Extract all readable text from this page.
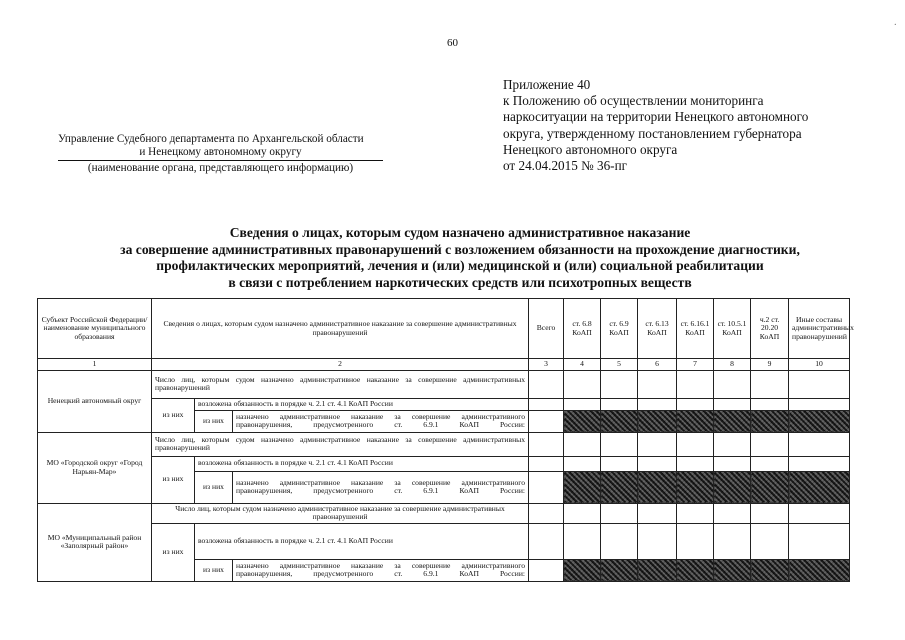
·
60
Приложение 40
к Положению об осуществлении мониторинга
наркоситуации на территории Ненецкого автономного
округа, утвержденному постановлением губернатора
Ненецкого автономного округа
от 24.04.2015 № 36-пг
Управление Судебного департамента по Архангельской области
и Ненецкому автономному округу
(наименование органа, представляющего информацию)
Сведения о лицах, которым судом назначено административное наказание
за совершение административных правонарушений с возложением обязанности на прохождение диагностики,
профилактических мероприятий, лечения и (или) медицинской и (или) социальной реабилитации
в связи с потреблением наркотических средств или психотропных веществ
Субъект Российской Федерации/наименование муниципального образования	Сведения о лицах, которым судом назначено административное наказание за совершение административных правонарушений			Всего	ст. 6.8 КоАП	ст. 6.9 КоАП	ст. 6.13 КоАП	ст. 6.16.1 КоАП	ст. 10.5.1 КоАП	ч.2 ст. 20.20 КоАП	Иные составы административных правонарушений
1	2			3	4	5	6	7	8	9	10
Ненецкий автономный округ	Число лиц, которым судом назначено административное наказание за совершение административных правонарушений										
	из них	возложена обязанность в порядке ч. 2.1 ст. 4.1 КоАП России									
		из них	назначено административное наказание за совершение административного правонарушения, предусмотренного ст. 6.9.1 КоАП России:								
МО «Городской округ «Город Нарьян-Мар»	Число лиц, которым судом назначено административное наказание за совершение административных правонарушений										
	из них	возложена обязанность в порядке ч. 2.1 ст. 4.1 КоАП России									
		из них	назначено административное наказание за совершение административного правонарушения, предусмотренного ст. 6.9.1 КоАП России:								
МО «Муниципальный район «Заполярный район»	Число лиц, которым судом назначено административное наказание за совершение административных правонарушений										
	из них	возложена обязанность в порядке ч. 2.1 ст. 4.1 КоАП России									
		из них	назначено административное наказание за совершение административного правонарушения, предусмотренного ст. 6.9.1 КоАП России:								
